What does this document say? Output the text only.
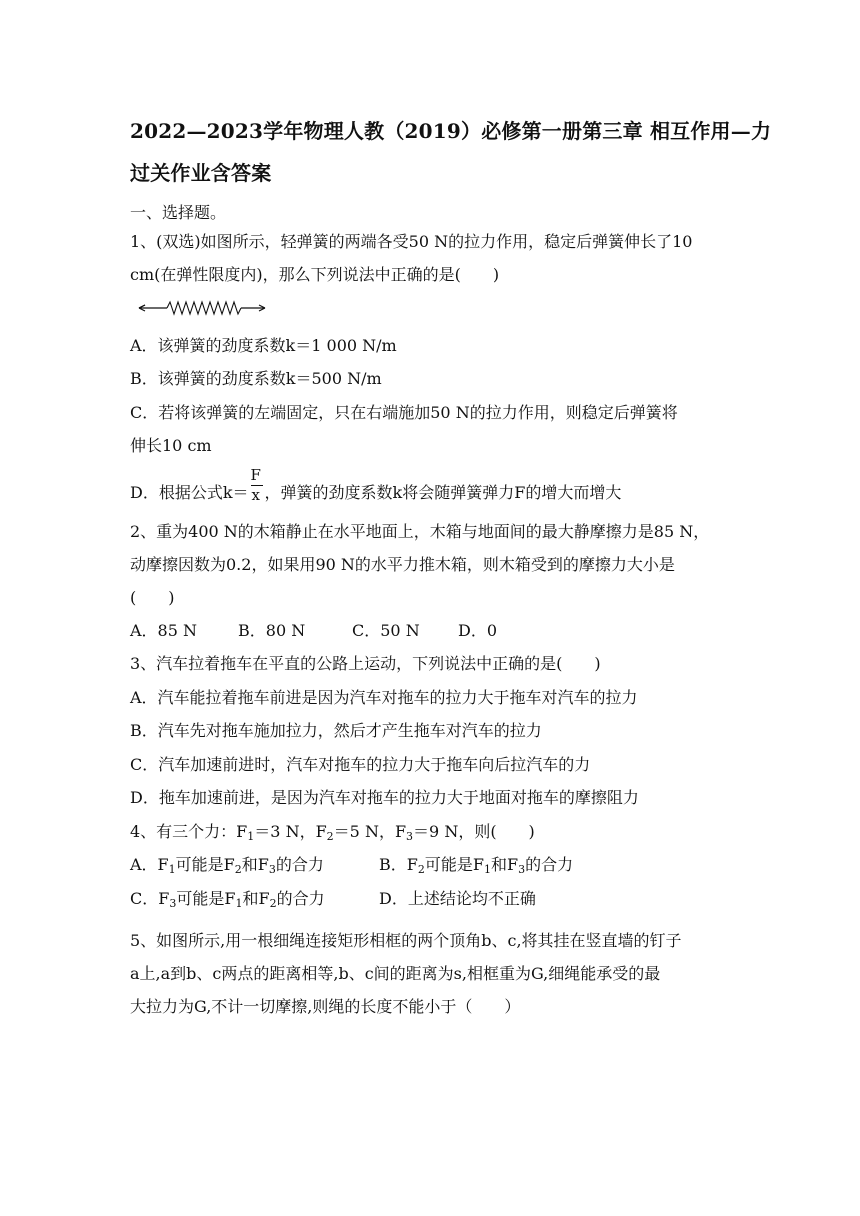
2022—2023学年物理人教（2019）必修第一册第三章 相互作用—力
过关作业含答案
一、选择题。
1、(双选)如图所示，轻弹簧的两端各受50 N的拉力作用，稳定后弹簧伸长了10
cm(在弹性限度内)，那么下列说法中正确的是(　　)
A．该弹簧的劲度系数k＝1 000 N/m
B．该弹簧的劲度系数k＝500 N/m
C．若将该弹簧的左端固定，只在右端施加50 N的拉力作用，则稳定后弹簧将
伸长10 cm
D．根据公式$k= \frac{F}{x}$ ，弹簧的劲度系数k将会随弹簧弹力F的增大而增大
2、重为400 N的木箱静止在水平地面上，木箱与地面间的最大静摩擦力是85 N，
动摩擦因数为0.2，如果用90 N的水平力推木箱，则木箱受到的摩擦力大小是
(　　)
A．85 N	B．80 N	C．50 N D．0
3、汽车拉着拖车在平直的公路上运动，下列说法中正确的是(　　)
A．汽车能拉着拖车前进是因为汽车对拖车的拉力大于拖车对汽车的拉力
B．汽车先对拖车施加拉力，然后才产生拖车对汽车的拉力
C．汽车加速前进时，汽车对拖车的拉力大于拖车向后拉汽车的力
D．拖车加速前进，是因为汽车对拖车的拉力大于地面对拖车的摩擦阻力
4、有三个力：$F_1=3$ N，$F_2=5$ N，$F_3=9$ N，则(　　)
A．$F_1$可能是$F_2$和$F_3$的合力	B．$F_2$可能是$F_1$和$F_3$的合力
C．$F_3$可能是$F_1$和$F_2$的合力	D．上述结论均不正确
5、如图所示,用一根细绳连接矩形相框的两个顶角b、c,将其挂在竖直墙的钉子
a上,a到b、c两点的距离相等,b、c间的距离为s,相框重为G,细绳能承受的最
大拉力为G,不计一切摩擦,则绳的长度不能小于（　　）
